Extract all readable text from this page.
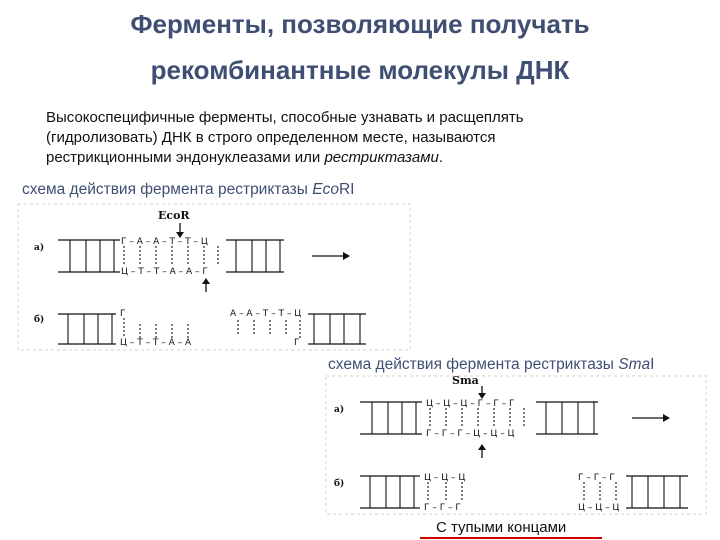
Ферменты, позволяющие получать
рекомбинантные молекулы ДНК
Высокоспецифичные ферменты, способные узнавать и расщеплять
(гидролизовать) ДНК в строго определенном месте, называются
рестрикционными эндонуклеазами или рестриктазами.
схема действия фермента рестриктазы EcoRI
схема действия фермента рестриктазы SmaI
EcoR
а)
Г – А – А – Т – Т – Ц
Ц – Т – Т – А – А – Г
б)
Г
Ц – Т – Т – А – А
А – А – Т – Т – Ц
Г
Sma
а)
Ц – Ц – Ц – Г – Г – Г
Г – Г – Г – Ц – Ц – Ц
б)
Ц – Ц – Ц
Г – Г – Г
Г – Г – Г
Ц – Ц – Ц
С тупыми концами
